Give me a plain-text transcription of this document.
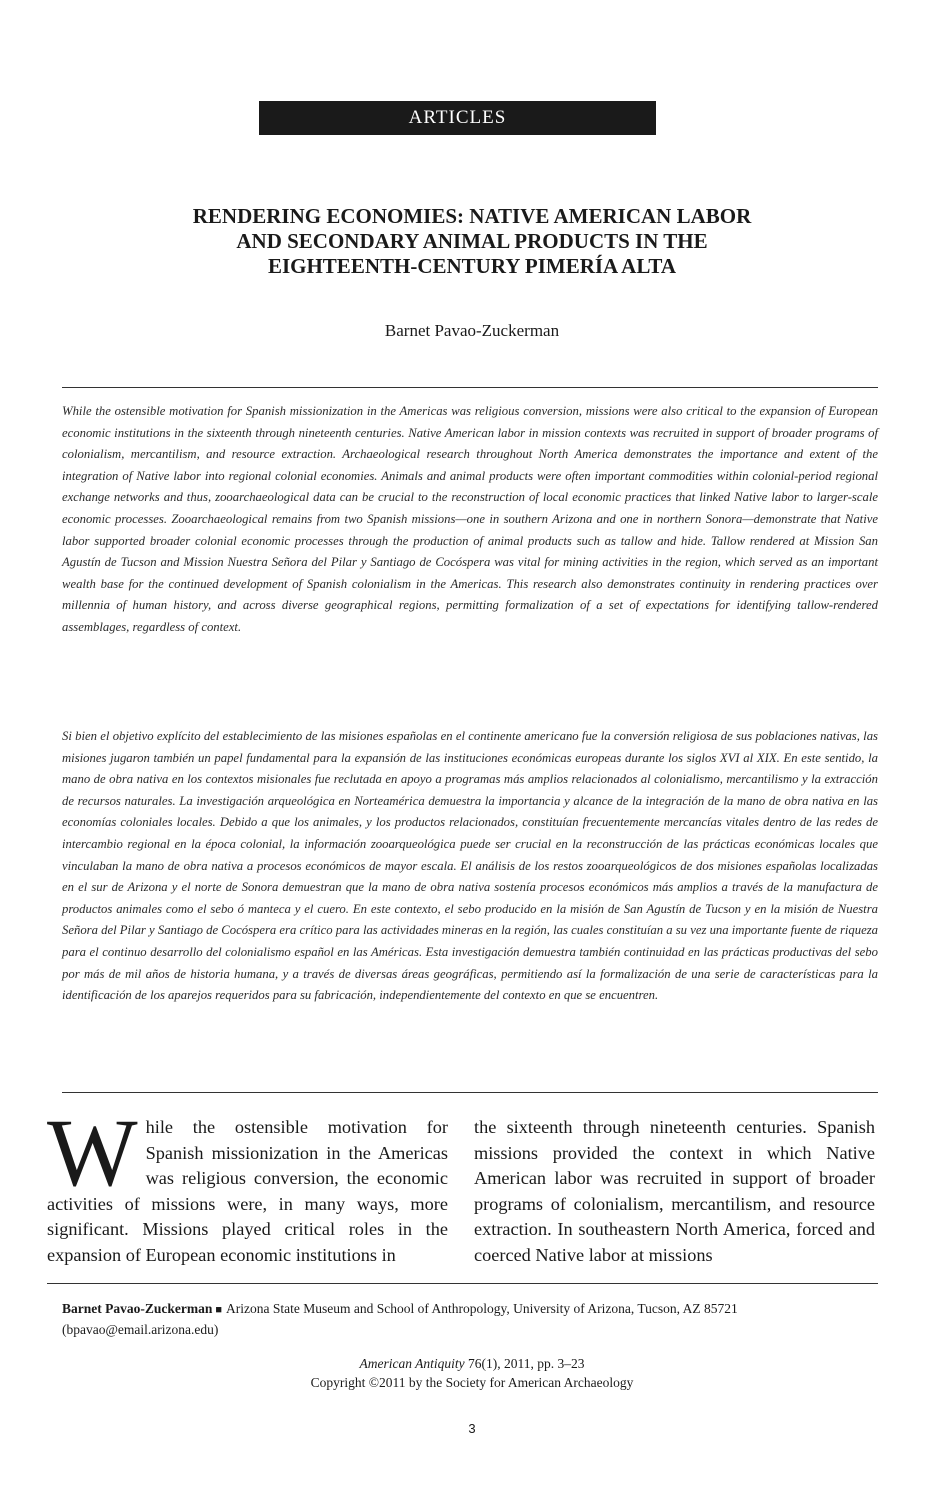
ARTICLES
RENDERING ECONOMIES: NATIVE AMERICAN LABOR
AND SECONDARY ANIMAL PRODUCTS IN THE
EIGHTEENTH-CENTURY PIMERÍA ALTA
Barnet Pavao-Zuckerman

While the ostensible motivation for Spanish missionization in the Americas was religious conversion, missions were also critical to the expansion of European economic institutions in the sixteenth through nineteenth centuries. Native American labor in mission contexts was recruited in support of broader programs of colonialism, mercantilism, and resource extraction. Archaeological research throughout North America demonstrates the importance and extent of the integration of Native labor into regional colonial economies. Animals and animal products were often important commodities within colonial-period regional exchange networks and thus, zooarchaeological data can be crucial to the reconstruction of local economic practices that linked Native labor to larger-scale economic processes. Zooarchaeological remains from two Spanish missions—one in southern Arizona and one in northern Sonora—demonstrate that Native labor supported broader colonial economic processes through the production of animal products such as tallow and hide. Tallow rendered at Mission San Agustín de Tucson and Mission Nuestra Señora del Pilar y Santiago de Cocóspera was vital for mining activities in the region, which served as an important wealth base for the continued development of Spanish colonialism in the Americas. This research also demonstrates continuity in rendering practices over millennia of human history, and across diverse geographical regions, permitting formalization of a set of expectations for identifying tallow-rendered assemblages, regardless of context.

Si bien el objetivo explícito del establecimiento de las misiones españolas en el continente americano fue la conversión religiosa de sus poblaciones nativas, las misiones jugaron también un papel fundamental para la expansión de las instituciones económicas europeas durante los siglos XVI al XIX. En este sentido, la mano de obra nativa en los contextos misionales fue reclutada en apoyo a programas más amplios relacionados al colonialismo, mercantilismo y la extracción de recursos naturales. La investigación arqueológica en Norteamérica demuestra la importancia y alcance de la integración de la mano de obra nativa en las economías coloniales locales. Debido a que los animales, y los productos relacionados, constituían frecuentemente mercancías vitales dentro de las redes de intercambio regional en la época colonial, la información zooarqueológica puede ser crucial en la reconstrucción de las prácticas económicas locales que vinculaban la mano de obra nativa a procesos económicos de mayor escala. El análisis de los restos zooarqueológicos de dos misiones españolas localizadas en el sur de Arizona y el norte de Sonora demuestran que la mano de obra nativa sostenía procesos económicos más amplios a través de la manufactura de productos animales como el sebo ó manteca y el cuero. En este contexto, el sebo producido en la misión de San Agustín de Tucson y en la misión de Nuestra Señora del Pilar y Santiago de Cocóspera era crítico para las actividades mineras en la región, las cuales constituían a su vez una importante fuente de riqueza para el continuo desarrollo del colonialismo español en las Américas. Esta investigación demuestra también continuidad en las prácticas productivas del sebo por más de mil años de historia humana, y a través de diversas áreas geográficas, permitiendo así la formalización de una serie de características para la identificación de los aparejos requeridos para su fabricación, independientemente del contexto en que se encuentren.

While the ostensible motivation for Spanish missionization in the Americas was religious conversion, the economic activities of missions were, in many ways, more significant. Missions played critical roles in the expansion of European economic institutions in

the sixteenth through nineteenth centuries. Spanish missions provided the context in which Native American labor was recruited in support of broader programs of colonialism, mercantilism, and resource extraction. In southeastern North America, forced and coerced Native labor at missions

Barnet Pavao-Zuckerman ■ Arizona State Museum and School of Anthropology, University of Arizona, Tucson, AZ 85721 (bpavao@email.arizona.edu)

American Antiquity 76(1), 2011, pp. 3–23
Copyright ©2011 by the Society for American Archaeology
3
